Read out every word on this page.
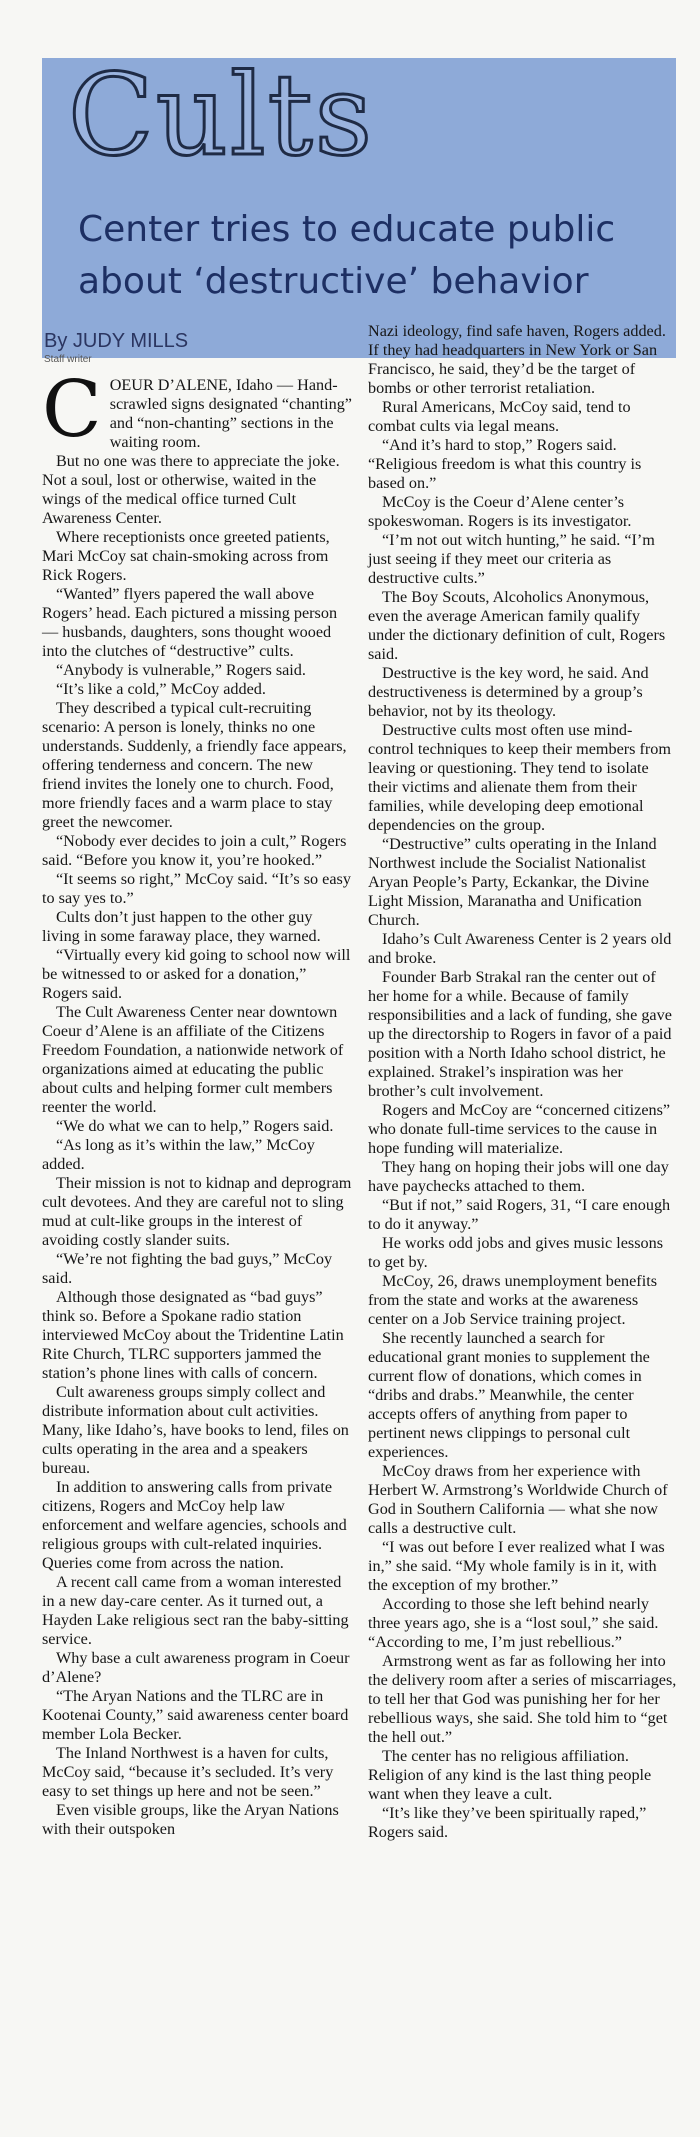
Cults
Center tries to educate public about ‘destructive’ behavior
By JUDY MILLS
Staff writer

COEUR D’ALENE, Idaho — Hand-scrawled signs designated “chanting” and “non-chanting” sections in the waiting room.

But no one was there to appreciate the joke. Not a soul, lost or otherwise, waited in the wings of the medical office turned Cult Awareness Center.

Where receptionists once greeted patients, Mari McCoy sat chain-smoking across from Rick Rogers.

“Wanted” flyers papered the wall above Rogers’ head. Each pictured a missing person — husbands, daughters, sons thought wooed into the clutches of “destructive” cults.

“Anybody is vulnerable,” Rogers said.

“It’s like a cold,” McCoy added.

They described a typical cult-recruiting scenario: A person is lonely, thinks no one understands. Suddenly, a friendly face appears, offering tenderness and concern. The new friend invites the lonely one to church. Food, more friendly faces and a warm place to stay greet the newcomer.

“Nobody ever decides to join a cult,” Rogers said. “Before you know it, you’re hooked.”

“It seems so right,” McCoy said. “It’s so easy to say yes to.”

Cults don’t just happen to the other guy living in some faraway place, they warned.

“Virtually every kid going to school now will be witnessed to or asked for a donation,” Rogers said.

The Cult Awareness Center near downtown Coeur d’Alene is an affiliate of the Citizens Freedom Foundation, a nationwide network of organizations aimed at educating the public about cults and helping former cult members reenter the world.

“We do what we can to help,” Rogers said.

“As long as it’s within the law,” McCoy added.

Their mission is not to kidnap and deprogram cult devotees. And they are careful not to sling mud at cult-like groups in the interest of avoiding costly slander suits.

“We’re not fighting the bad guys,” McCoy said.

Although those designated as “bad guys” think so. Before a Spokane radio station interviewed McCoy about the Tridentine Latin Rite Church, TLRC supporters jammed the station’s phone lines with calls of concern.

Cult awareness groups simply collect and distribute information about cult activities. Many, like Idaho’s, have books to lend, files on cults operating in the area and a speakers bureau.

In addition to answering calls from private citizens, Rogers and McCoy help law enforcement and welfare agencies, schools and religious groups with cult-related inquiries. Queries come from across the nation.

A recent call came from a woman interested in a new day-care center. As it turned out, a Hayden Lake religious sect ran the baby-sitting service.

Why base a cult awareness program in Coeur d’Alene?

“The Aryan Nations and the TLRC are in Kootenai County,” said awareness center board member Lola Becker.

The Inland Northwest is a haven for cults, McCoy said, “because it’s secluded. It’s very easy to set things up here and not be seen.”

Even visible groups, like the Aryan Nations with their outspoken

Nazi ideology, find safe haven, Rogers added. If they had headquarters in New York or San Francisco, he said, they’d be the target of bombs or other terrorist retaliation.

Rural Americans, McCoy said, tend to combat cults via legal means.

“And it’s hard to stop,” Rogers said. “Religious freedom is what this country is based on.”

McCoy is the Coeur d’Alene center’s spokeswoman. Rogers is its investigator.

“I’m not out witch hunting,” he said. “I’m just seeing if they meet our criteria as destructive cults.”

The Boy Scouts, Alcoholics Anonymous, even the average American family qualify under the dictionary definition of cult, Rogers said.

Destructive is the key word, he said. And destructiveness is determined by a group’s behavior, not by its theology.

Destructive cults most often use mind-control techniques to keep their members from leaving or questioning. They tend to isolate their victims and alienate them from their families, while developing deep emotional dependencies on the group.

“Destructive” cults operating in the Inland Northwest include the Socialist Nationalist Aryan People’s Party, Eckankar, the Divine Light Mission, Maranatha and Unification Church.

Idaho’s Cult Awareness Center is 2 years old and broke.

Founder Barb Strakal ran the center out of her home for a while. Because of family responsibilities and a lack of funding, she gave up the directorship to Rogers in favor of a paid position with a North Idaho school district, he explained. Strakel’s inspiration was her brother’s cult involvement.

Rogers and McCoy are “concerned citizens” who donate full-time services to the cause in hope funding will materialize.

They hang on hoping their jobs will one day have paychecks attached to them.

“But if not,” said Rogers, 31, “I care enough to do it anyway.”

He works odd jobs and gives music lessons to get by.

McCoy, 26, draws unemployment benefits from the state and works at the awareness center on a Job Service training project.

She recently launched a search for educational grant monies to supplement the current flow of donations, which comes in “dribs and drabs.” Meanwhile, the center accepts offers of anything from paper to pertinent news clippings to personal cult experiences.

McCoy draws from her experience with Herbert W. Armstrong’s Worldwide Church of God in Southern California — what she now calls a destructive cult.

“I was out before I ever realized what I was in,” she said. “My whole family is in it, with the exception of my brother.”

According to those she left behind nearly three years ago, she is a “lost soul,” she said. “According to me, I’m just rebellious.”

Armstrong went as far as following her into the delivery room after a series of miscarriages, to tell her that God was punishing her for her rebellious ways, she said. She told him to “get the hell out.”

The center has no religious affiliation. Religion of any kind is the last thing people want when they leave a cult.

“It’s like they’ve been spiritually raped,” Rogers said.
